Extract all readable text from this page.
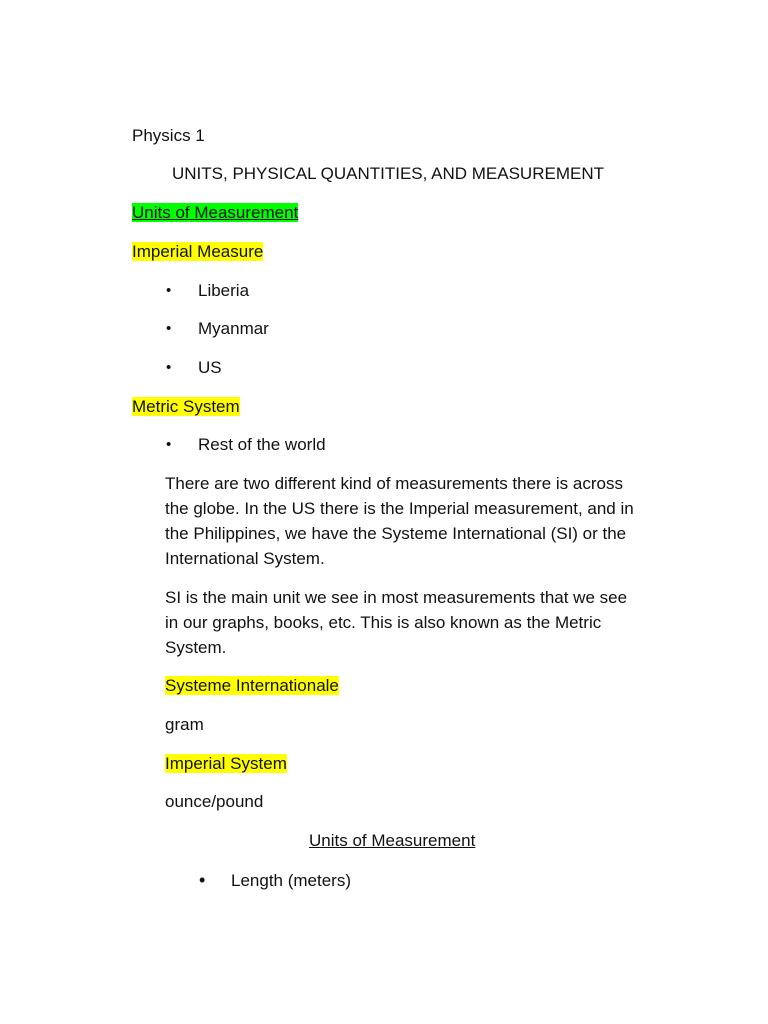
Physics 1
UNITS, PHYSICAL QUANTITIES, AND MEASUREMENT
Units of Measurement
Imperial Measure
• Liberia
• Myanmar
• US
Metric System
• Rest of the world
There are two different kind of measurements there is across the globe. In the US there is the Imperial measurement, and in the Philippines, we have the Systeme International (SI) or the International System.
SI is the main unit we see in most measurements that we see in our graphs, books, etc. This is also known as the Metric System.
Systeme Internationale
gram
Imperial System
ounce/pound
Units of Measurement
• Length (meters)
